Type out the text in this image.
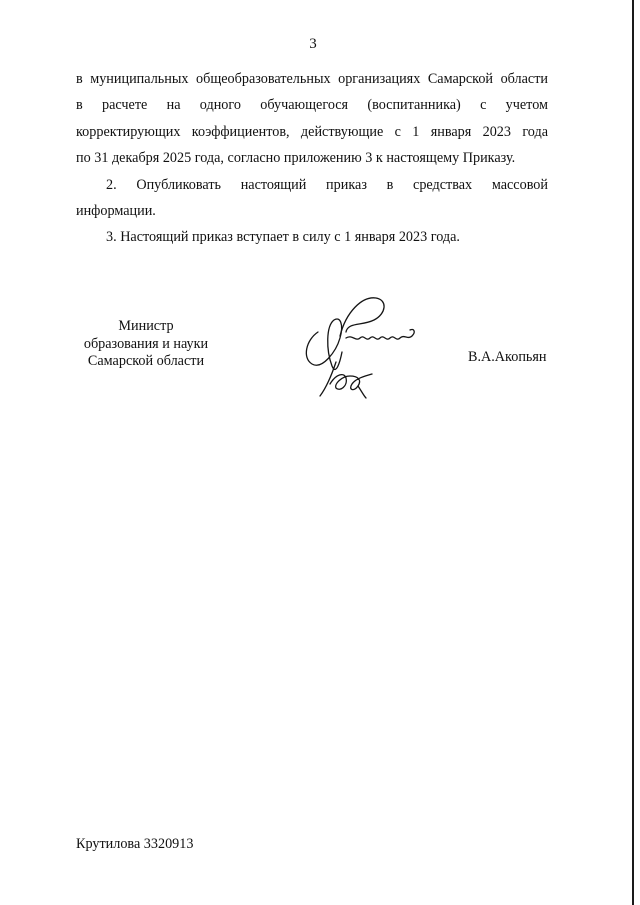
3

в муниципальных общеобразовательных организациях Самарской области

в расчете на одного обучающегося (воспитанника) с учетом

корректирующих коэффициентов, действующие с 1 января 2023 года

по 31 декабря 2025 года, согласно приложению 3 к настоящему Приказу.

2. Опубликовать настоящий приказ в средствах массовой

информации.

3. Настоящий приказ вступает в силу с 1 января 2023 года.

Министр
образования и науки
Самарской области	В.А.Акопьян
Крутилова 3320913
